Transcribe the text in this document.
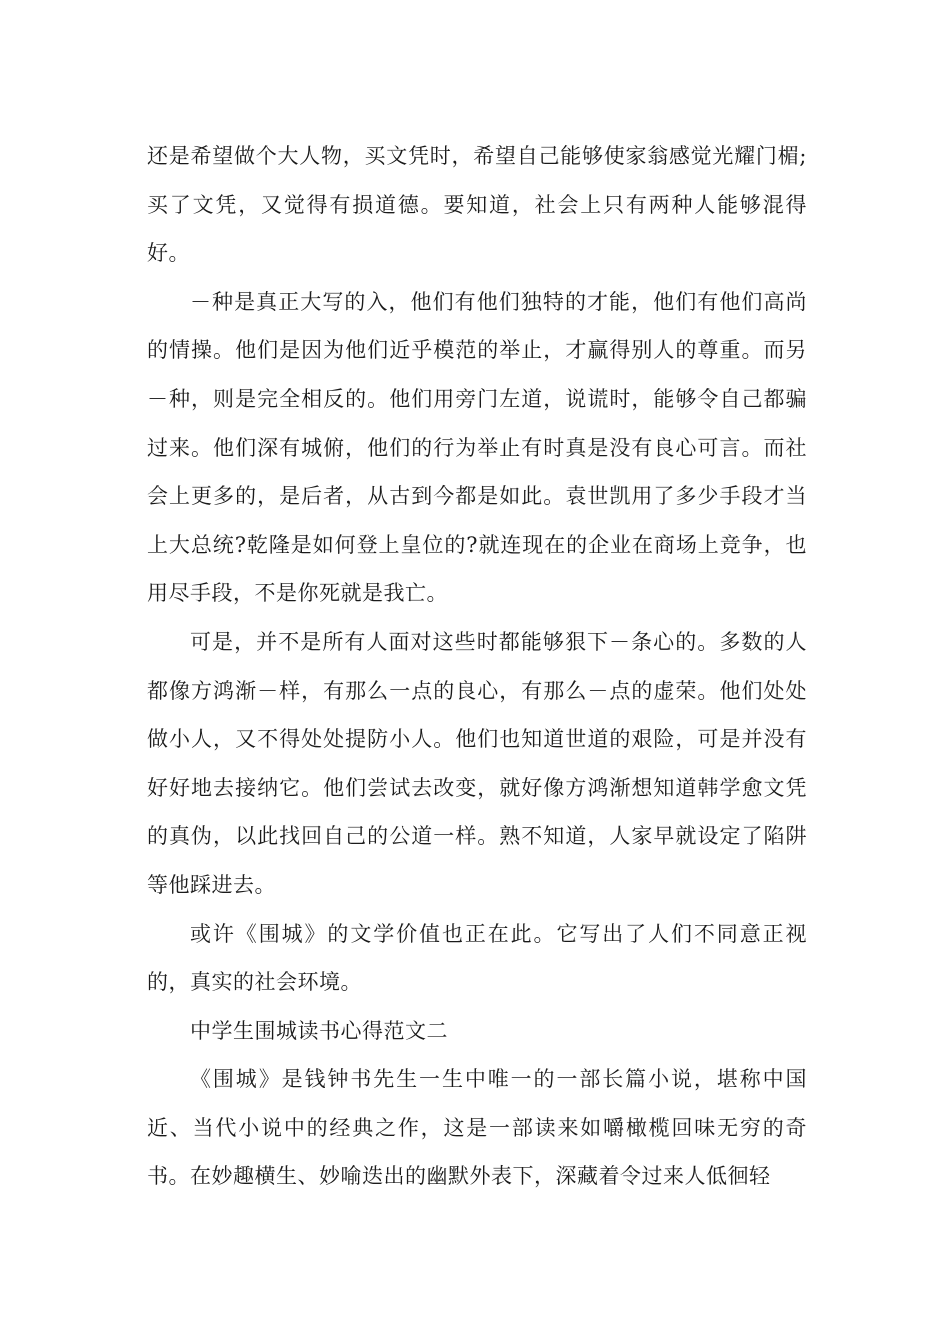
还是希望做个大人物，买文凭时，希望自己能够使家翁感觉光耀门楣;买了文凭，又觉得有损道德。要知道，社会上只有两种人能够混得好。

－种是真正大写的入，他们有他们独特的才能，他们有他们高尚的情操。他们是因为他们近乎模范的举止，才赢得别人的尊重。而另－种，则是完全相反的。他们用旁门左道，说谎时，能够令自己都骗过来。他们深有城俯，他们的行为举止有时真是没有良心可言。而社会上更多的，是后者，从古到今都是如此。袁世凯用了多少手段才当上大总统?乾隆是如何登上皇位的?就连现在的企业在商场上竞争，也用尽手段，不是你死就是我亡。

可是，并不是所有人面对这些时都能够狠下－条心的。多数的人都像方鸿渐－样，有那么一点的良心，有那么－点的虚荣。他们处处做小人，又不得处处提防小人。他们也知道世道的艰险，可是并没有好好地去接纳它。他们尝试去改变，就好像方鸿渐想知道韩学愈文凭的真伪，以此找回自己的公道一样。熟不知道，人家早就设定了陷阱等他踩进去。

或许《围城》的文学价值也正在此。它写出了人们不同意正视的，真实的社会环境。

中学生围城读书心得范文二

《围城》是钱钟书先生一生中唯一的一部长篇小说，堪称中国近、当代小说中的经典之作，这是一部读来如嚼橄榄回味无穷的奇书。在妙趣横生、妙喻迭出的幽默外表下，深藏着令过来人低徊轻
